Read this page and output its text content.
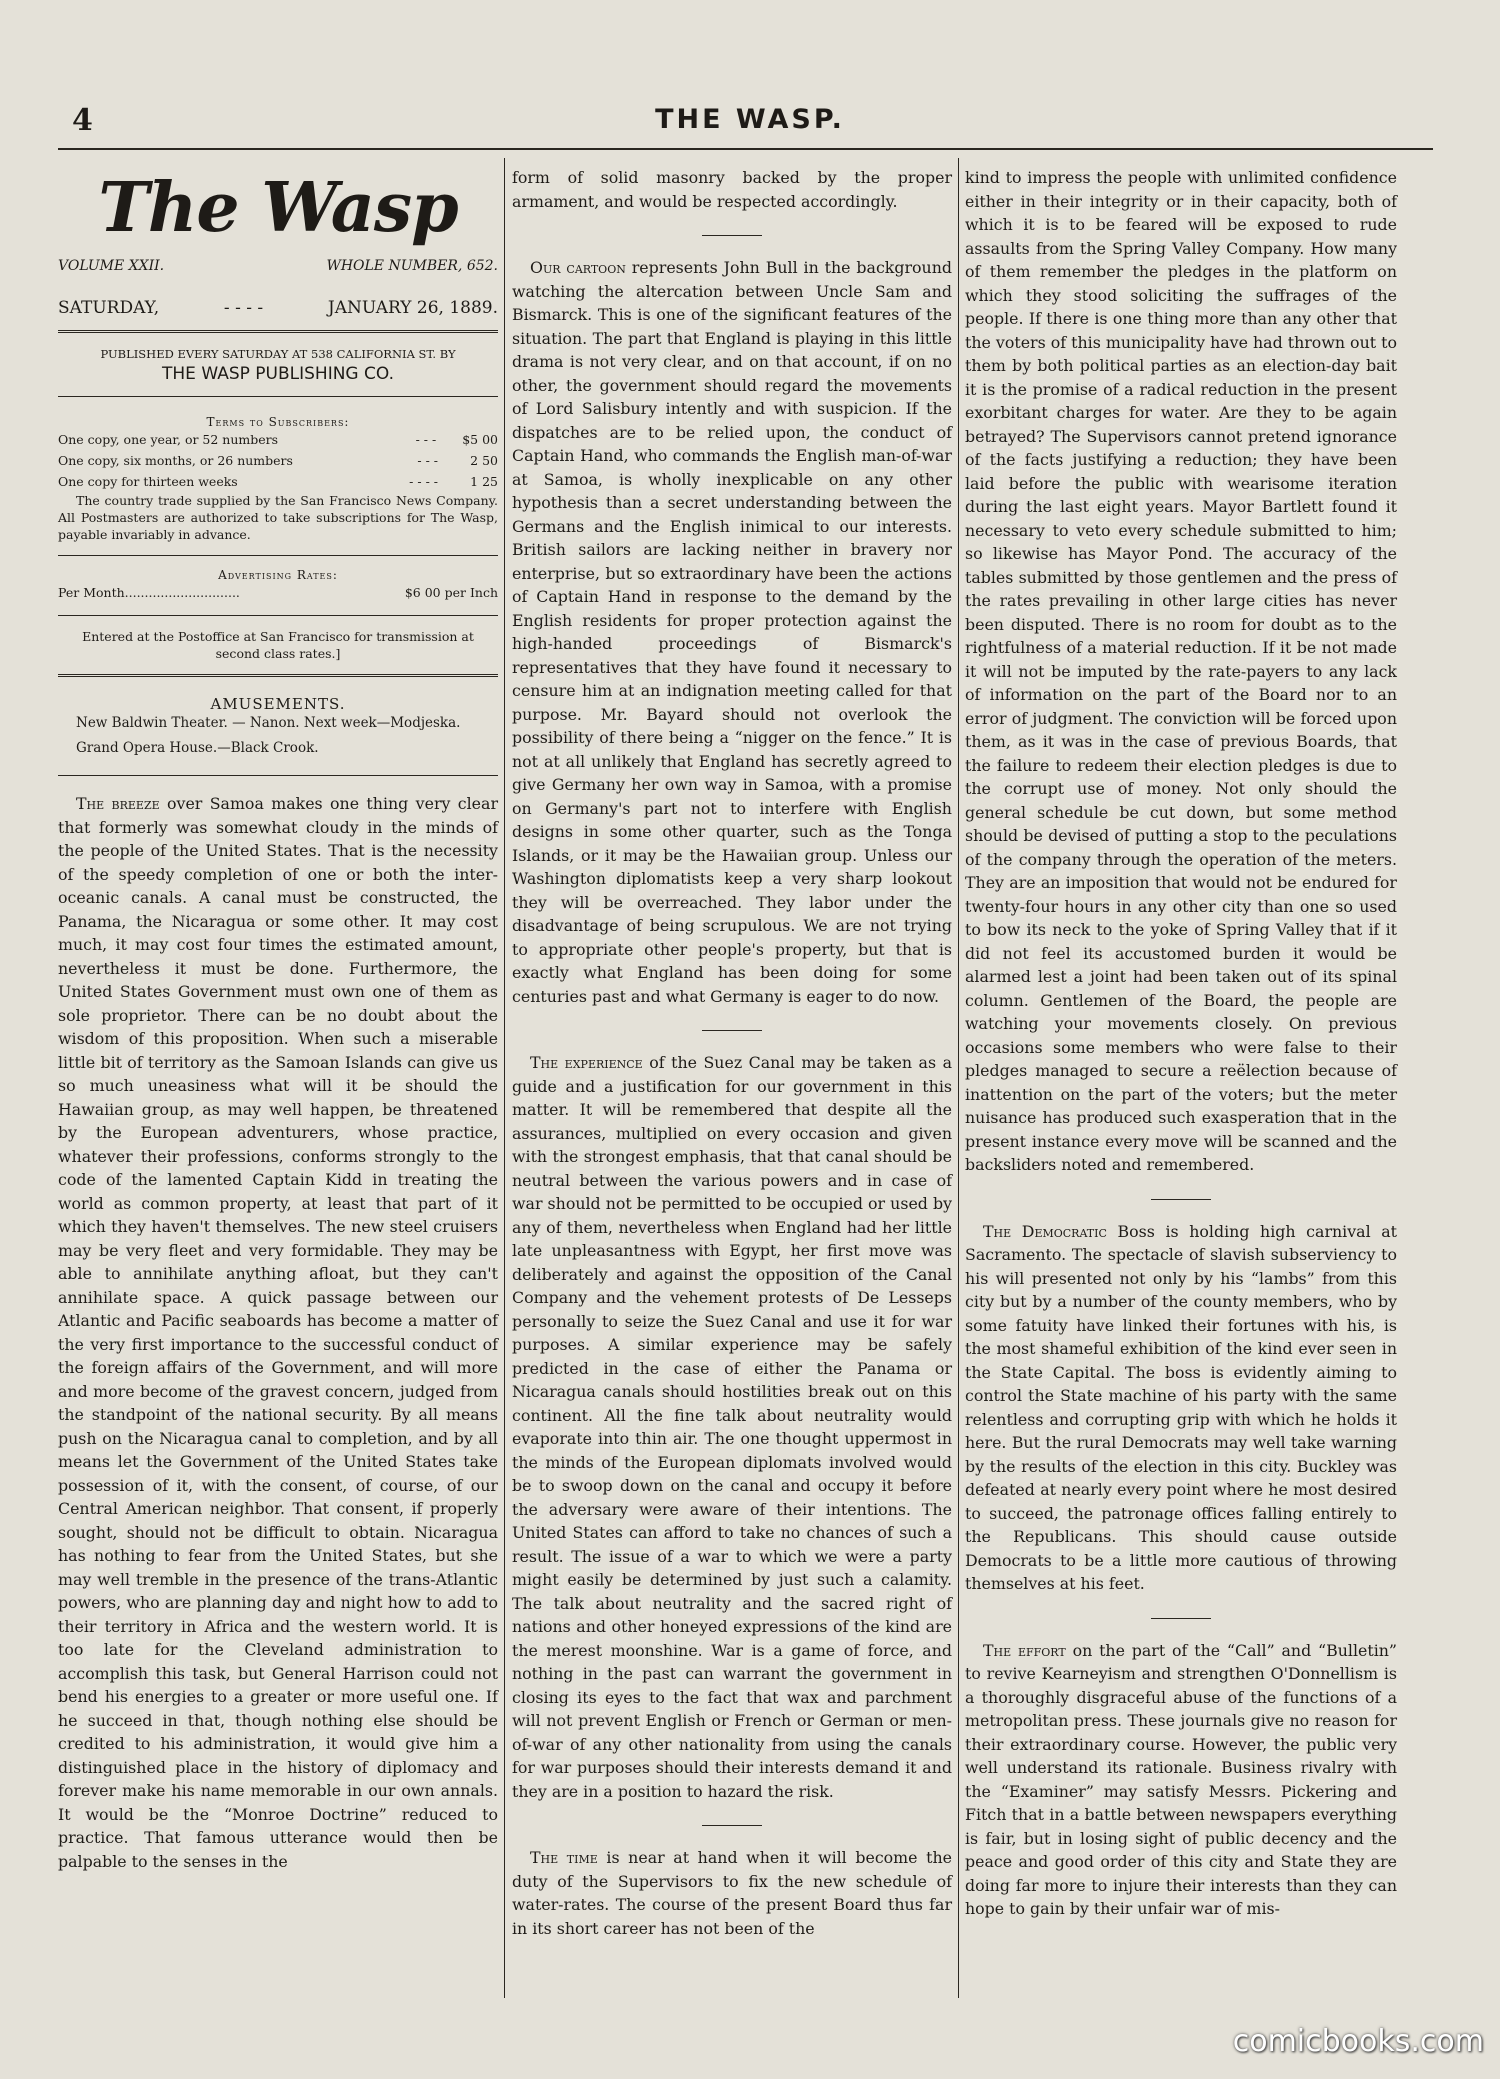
4	THE WASP.
The Wasp
VOLUME XXII.	WHOLE NUMBER, 652.
SATURDAY,	- - - -	JANUARY 26, 1889.
PUBLISHED EVERY SATURDAY AT 538 CALIFORNIA ST. BY
THE WASP PUBLISHING CO.
Terms to Subscribers:
One copy, one year, or 52 numbers	- - - $5 00
One copy, six months, or 26 numbers	- - -	2 50
One copy for thirteen weeks	- - - -	1 25
The country trade supplied by the San Francisco News Company. All Postmasters are authorized to take subscriptions for The Wasp, payable invariably in advance.
Advertising Rates:
Per Month.............................	$6 00 per Inch
Entered at the Postoffice at San Francisco for transmission at second class rates.]
AMUSEMENTS.
New Baldwin Theater. — Nanon. Next week—Modjeska.
Grand Opera House.—Black Crook.

The breeze over Samoa makes one thing very clear that formerly was somewhat cloudy in the minds of the people of the United States. That is the necessity of the speedy completion of one or both the inter-oceanic canals. A canal must be constructed, the Panama, the Nicaragua or some other. It may cost much, it may cost four times the estimated amount, nevertheless it must be done. Furthermore, the United States Government must own one of them as sole proprietor. There can be no doubt about the wisdom of this proposition. When such a miserable little bit of territory as the Samoan Islands can give us so much uneasiness what will it be should the Hawaiian group, as may well happen, be threatened by the European adventurers, whose practice, whatever their professions, conforms strongly to the code of the lamented Captain Kidd in treating the world as common property, at least that part of it which they haven't themselves. The new steel cruisers may be very fleet and very formidable. They may be able to annihilate anything afloat, but they can't annihilate space. A quick passage between our Atlantic and Pacific seaboards has become a matter of the very first importance to the successful conduct of the foreign affairs of the Government, and will more and more become of the gravest concern, judged from the standpoint of the national security. By all means push on the Nicaragua canal to completion, and by all means let the Government of the United States take possession of it, with the consent, of course, of our Central American neighbor. That consent, if properly sought, should not be difficult to obtain. Nicaragua has nothing to fear from the United States, but she may well tremble in the presence of the trans-Atlantic powers, who are planning day and night how to add to their territory in Africa and the western world. It is too late for the Cleveland administration to accomplish this task, but General Harrison could not bend his energies to a greater or more useful one. If he succeed in that, though nothing else should be credited to his administration, it would give him a distinguished place in the history of diplomacy and forever make his name memorable in our own annals. It would be the “Monroe Doctrine” reduced to practice. That famous utterance would then be palpable to the senses in the

form of solid masonry backed by the proper armament, and would be respected accordingly.

Our cartoon represents John Bull in the background watching the altercation between Uncle Sam and Bismarck. This is one of the significant features of the situation. The part that England is playing in this little drama is not very clear, and on that account, if on no other, the government should regard the movements of Lord Salisbury intently and with suspicion. If the dispatches are to be relied upon, the conduct of Captain Hand, who commands the English man-of-war at Samoa, is wholly inexplicable on any other hypothesis than a secret understanding between the Germans and the English inimical to our interests. British sailors are lacking neither in bravery nor enterprise, but so extraordinary have been the actions of Captain Hand in response to the demand by the English residents for proper protection against the high-handed proceedings of Bismarck's representatives that they have found it necessary to censure him at an indignation meeting called for that purpose. Mr. Bayard should not overlook the possibility of there being a “nigger on the fence.” It is not at all unlikely that England has secretly agreed to give Germany her own way in Samoa, with a promise on Germany's part not to interfere with English designs in some other quarter, such as the Tonga Islands, or it may be the Hawaiian group. Unless our Washington diplomatists keep a very sharp lookout they will be overreached. They labor under the disadvantage of being scrupulous. We are not trying to appropriate other people's property, but that is exactly what England has been doing for some centuries past and what Germany is eager to do now.

The experience of the Suez Canal may be taken as a guide and a justification for our government in this matter. It will be remembered that despite all the assurances, multiplied on every occasion and given with the strongest emphasis, that that canal should be neutral between the various powers and in case of war should not be permitted to be occupied or used by any of them, nevertheless when England had her little late unpleasantness with Egypt, her first move was deliberately and against the opposition of the Canal Company and the vehement protests of De Lesseps personally to seize the Suez Canal and use it for war purposes. A similar experience may be safely predicted in the case of either the Panama or Nicaragua canals should hostilities break out on this continent. All the fine talk about neutrality would evaporate into thin air. The one thought uppermost in the minds of the European diplomats involved would be to swoop down on the canal and occupy it before the adversary were aware of their intentions. The United States can afford to take no chances of such a result. The issue of a war to which we were a party might easily be determined by just such a calamity. The talk about neutrality and the sacred right of nations and other honeyed expressions of the kind are the merest moonshine. War is a game of force, and nothing in the past can warrant the government in closing its eyes to the fact that wax and parchment will not prevent English or French or German or men-of-war of any other nationality from using the canals for war purposes should their interests demand it and they are in a position to hazard the risk.

The time is near at hand when it will become the duty of the Supervisors to fix the new schedule of water-rates. The course of the present Board thus far in its short career has not been of the

kind to impress the people with unlimited confidence either in their integrity or in their capacity, both of which it is to be feared will be exposed to rude assaults from the Spring Valley Company. How many of them remember the pledges in the platform on which they stood soliciting the suffrages of the people. If there is one thing more than any other that the voters of this municipality have had thrown out to them by both political parties as an election-day bait it is the promise of a radical reduction in the present exorbitant charges for water. Are they to be again betrayed? The Supervisors cannot pretend ignorance of the facts justifying a reduction; they have been laid before the public with wearisome iteration during the last eight years. Mayor Bartlett found it necessary to veto every schedule submitted to him; so likewise has Mayor Pond. The accuracy of the tables submitted by those gentlemen and the press of the rates prevailing in other large cities has never been disputed. There is no room for doubt as to the rightfulness of a material reduction. If it be not made it will not be imputed by the rate-payers to any lack of information on the part of the Board nor to an error of judgment. The conviction will be forced upon them, as it was in the case of previous Boards, that the failure to redeem their election pledges is due to the corrupt use of money. Not only should the general schedule be cut down, but some method should be devised of putting a stop to the peculations of the company through the operation of the meters. They are an imposition that would not be endured for twenty-four hours in any other city than one so used to bow its neck to the yoke of Spring Valley that if it did not feel its accustomed burden it would be alarmed lest a joint had been taken out of its spinal column. Gentlemen of the Board, the people are watching your movements closely. On previous occasions some members who were false to their pledges managed to secure a reëlection because of inattention on the part of the voters; but the meter nuisance has produced such exasperation that in the present instance every move will be scanned and the backsliders noted and remembered.

The Democratic Boss is holding high carnival at Sacramento. The spectacle of slavish subserviency to his will presented not only by his “lambs” from this city but by a number of the county members, who by some fatuity have linked their fortunes with his, is the most shameful exhibition of the kind ever seen in the State Capital. The boss is evidently aiming to control the State machine of his party with the same relentless and corrupting grip with which he holds it here. But the rural Democrats may well take warning by the results of the election in this city. Buckley was defeated at nearly every point where he most desired to succeed, the patronage offices falling entirely to the Republicans. This should cause outside Democrats to be a little more cautious of throwing themselves at his feet.

The effort on the part of the “Call” and “Bulletin” to revive Kearneyism and strengthen O'Donnellism is a thoroughly disgraceful abuse of the functions of a metropolitan press. These journals give no reason for their extraordinary course. However, the public very well understand its rationale. Business rivalry with the “Examiner” may satisfy Messrs. Pickering and Fitch that in a battle between newspapers everything is fair, but in losing sight of public decency and the peace and good order of this city and State they are doing far more to injure their interests than they can hope to gain by their unfair war of mis-

comicbooks.com
